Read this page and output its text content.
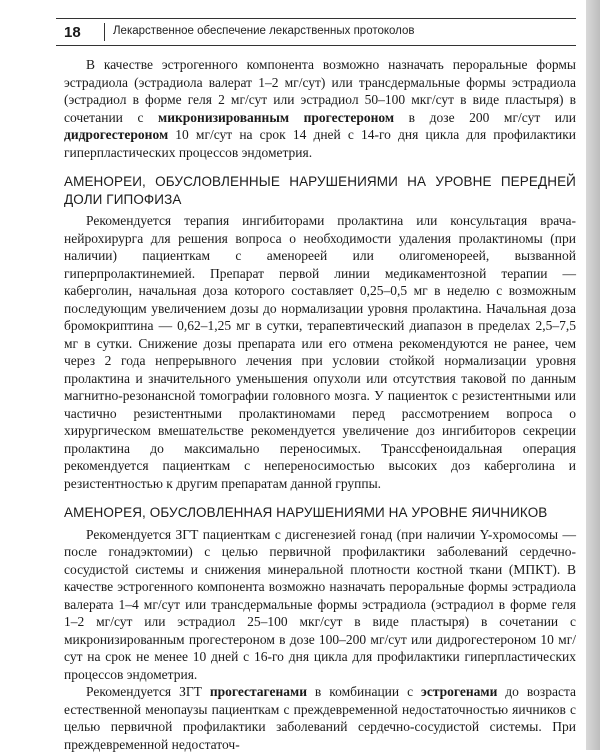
18	Лекарственное обеспечение лекарственных протоколов

В качестве эстрогенного компонента возможно назначать пероральные формы эстрадиола (эстрадиола валерат 1–2 мг/сут) или трансдермальные формы эстрадиола (эстрадиол в форме геля 2 мг/сут или эстрадиол 50–100 мкг/сут в виде пластыря) в сочетании с микронизированным прогестероном в дозе 200 мг/сут или дидрогестероном 10 мг/сут на срок 14 дней с 14-го дня цикла для профилактики гиперпластических процессов эндометрия.

АМЕНОРЕИ, ОБУСЛОВЛЕННЫЕ НАРУШЕНИЯМИ НА УРОВНЕ ПЕРЕДНЕЙ ДОЛИ ГИПОФИЗА

Рекомендуется терапия ингибиторами пролактина или консультация врача-нейрохирурга для решения вопроса о необходимости удаления пролактиномы (при наличии) пациенткам с аменореей или олигоменореей, вызванной гиперпролактинемией. Препарат первой линии медикаментозной терапии — каберголин, начальная доза которого составляет 0,25–0,5 мг в неделю с возможным последующим увеличением дозы до нормализации уровня пролактина. Начальная доза бромокриптина — 0,62–1,25 мг в сутки, терапевтический диапазон в пределах 2,5–7,5 мг в сутки. Снижение дозы препарата или его отмена рекомендуются не ранее, чем через 2 года непрерывного лечения при условии стойкой нормализации уровня пролактина и значительного уменьшения опухоли или отсутствия таковой по данным магнитно-резонансной томографии головного мозга. У пациенток с резистентными или частично резистентными пролактиномами перед рассмотрением вопроса о хирургическом вмешательстве рекомендуется увеличение доз ингибиторов секреции пролактина до максимально переносимых. Транссфеноидальная операция рекомендуется пациенткам с непереносимостью высоких доз каберголина и резистентностью к другим препаратам данной группы.

АМЕНОРЕЯ, ОБУСЛОВЛЕННАЯ НАРУШЕНИЯМИ НА УРОВНЕ ЯИЧНИКОВ

Рекомендуется ЗГТ пациенткам с дисгенезией гонад (при наличии Y-хромосомы — после гонадэктомии) с целью первичной профилактики заболеваний сердечно-сосудистой системы и снижения минеральной плотности костной ткани (МПКТ). В качестве эстрогенного компонента возможно назначать пероральные формы эстрадиола валерата 1–4 мг/сут или трансдермальные формы эстрадиола (эстрадиол в форме геля 1–2 мг/сут или эстрадиол 25–100 мкг/сут в виде пластыря) в сочетании с микронизированным прогестероном в дозе 100–200 мг/сут или дидрогестероном 10 мг/сут на срок не менее 10 дней с 16-го дня цикла для профилактики гиперпластических процессов эндометрия.

Рекомендуется ЗГТ прогестагенами в комбинации с эстрогенами до возраста естественной менопаузы пациенткам с преждевременной недостаточностью яичников с целью первичной профилактики заболеваний сердечно-сосудистой системы. При преждевременной недостаточ-
